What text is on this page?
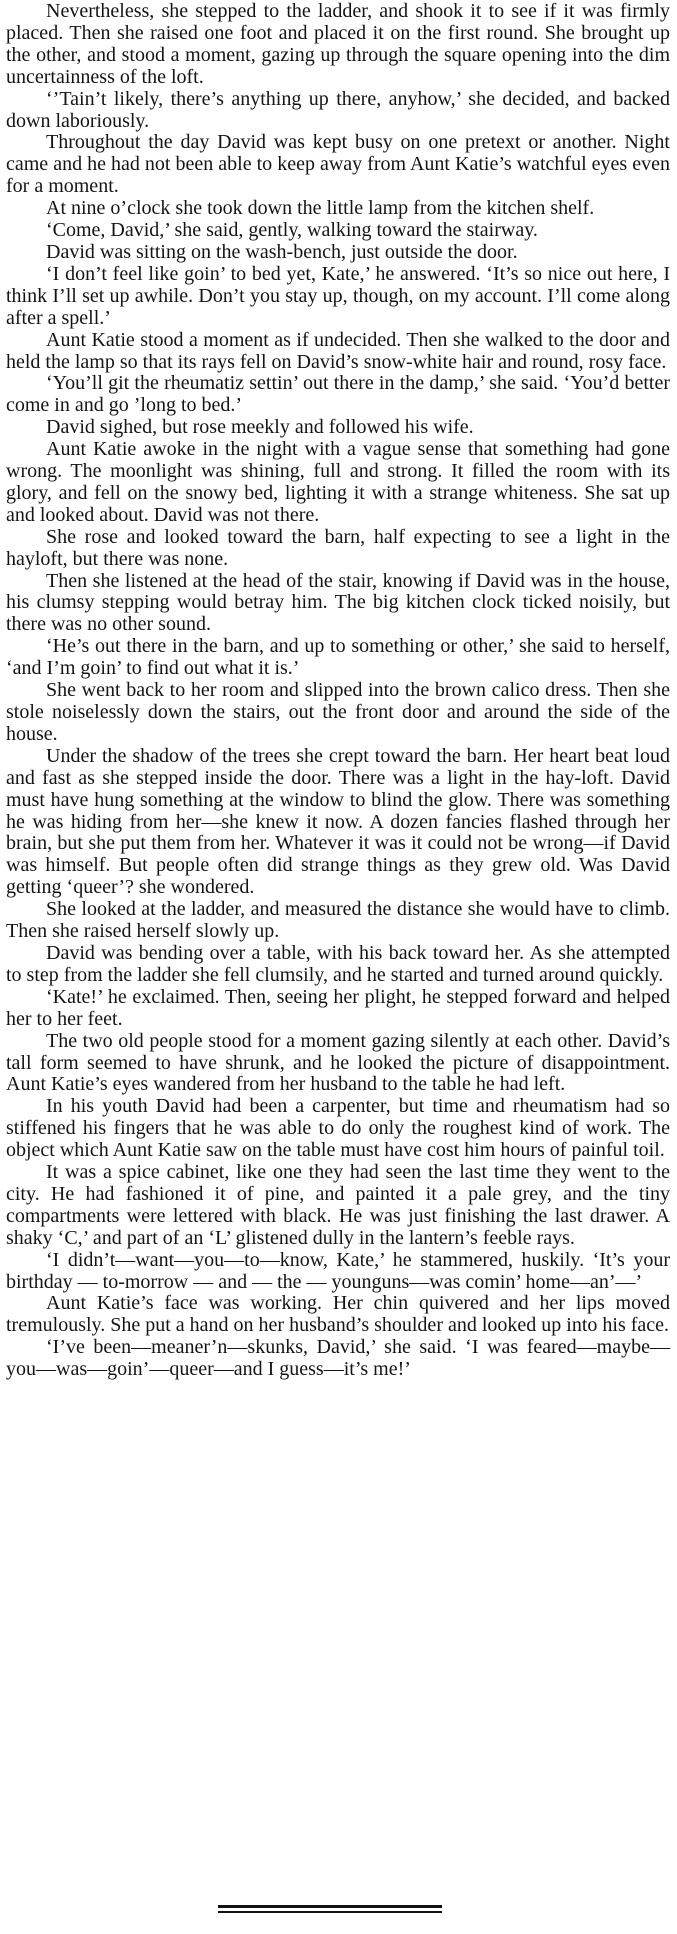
Nevertheless, she stepped to the ladder, and shook it to see if it was firmly placed. Then she raised one foot and placed it on the first round. She brought up the other, and stood a moment, gazing up through the square opening into the dim uncertainness of the loft.

‘’Tain’t likely, there’s anything up there, anyhow,’ she decided, and backed down laboriously.

Throughout the day David was kept busy on one pretext or another. Night came and he had not been able to keep away from Aunt Katie’s watchful eyes even for a moment.

At nine o’clock she took down the little lamp from the kitchen shelf.

‘Come, David,’ she said, gently, walking toward the stairway.

David was sitting on the wash-bench, just outside the door.

‘I don’t feel like goin’ to bed yet, Kate,’ he answered. ‘It’s so nice out here, I think I’ll set up awhile. Don’t you stay up, though, on my account. I’ll come along after a spell.’

Aunt Katie stood a moment as if undecided. Then she walked to the door and held the lamp so that its rays fell on David’s snow-white hair and round, rosy face.

‘You’ll git the rheumatiz settin’ out there in the damp,’ she said. ‘You’d better come in and go ’long to bed.’

David sighed, but rose meekly and followed his wife.

Aunt Katie awoke in the night with a vague sense that something had gone wrong. The moonlight was shining, full and strong. It filled the room with its glory, and fell on the snowy bed, lighting it with a strange whiteness. She sat up and looked about. David was not there.

She rose and looked toward the barn, half expecting to see a light in the hayloft, but there was none.

Then she listened at the head of the stair, knowing if David was in the house, his clumsy stepping would betray him. The big kitchen clock ticked noisily, but there was no other sound.

‘He’s out there in the barn, and up to something or other,’ she said to herself, ‘and I’m goin’ to find out what it is.’

She went back to her room and slipped into the brown calico dress. Then she stole noiselessly down the stairs, out the front door and around the side of the house.

Under the shadow of the trees she crept toward the barn. Her heart beat loud and fast as she stepped inside the door. There was a light in the hay-loft. David must have hung something at the window to blind the glow. There was something he was hiding from her—she knew it now. A dozen fancies flashed through her brain, but she put them from her. Whatever it was it could not be wrong—if David was himself. But people often did strange things as they grew old. Was David getting ‘queer’? she wondered.

She looked at the ladder, and measured the distance she would have to climb. Then she raised herself slowly up.

David was bending over a table, with his back toward her. As she attempted to step from the ladder she fell clumsily, and he started and turned around quickly.

‘Kate!’ he exclaimed. Then, seeing her plight, he stepped forward and helped her to her feet.

The two old people stood for a moment gazing silently at each other. David’s tall form seemed to have shrunk, and he looked the picture of disappointment. Aunt Katie’s eyes wandered from her husband to the table he had left.

In his youth David had been a carpenter, but time and rheumatism had so stiffened his fingers that he was able to do only the roughest kind of work. The object which Aunt Katie saw on the table must have cost him hours of painful toil.

It was a spice cabinet, like one they had seen the last time they went to the city. He had fashioned it of pine, and painted it a pale grey, and the tiny compartments were lettered with black. He was just finishing the last drawer. A shaky ‘C,’ and part of an ‘L’ glistened dully in the lantern’s feeble rays.

‘I didn’t—want—you—to—know, Kate,’ he stammered, huskily. ‘It’s your birthday — to-morrow — and — the — younguns—was comin’ home—an’—’

Aunt Katie’s face was working. Her chin quivered and her lips moved tremulously. She put a hand on her husband’s shoulder and looked up into his face.

‘I’ve been—meaner’n—skunks, David,’ she said. ‘I was feared—maybe—you—was—goin’—queer—and I guess—it’s me!’
